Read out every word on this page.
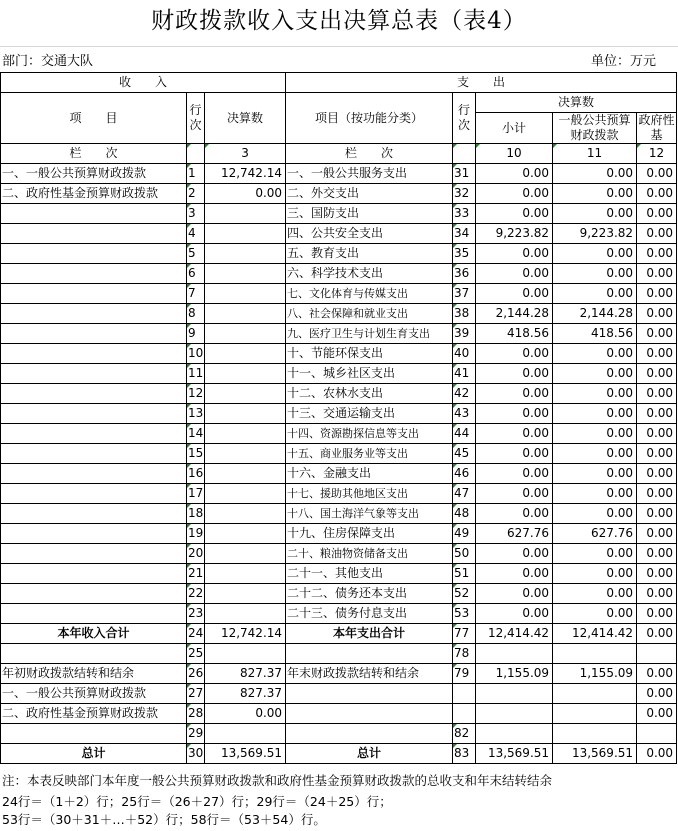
财政拨款收入支出决算总表（表4）
部门：交通大队	单位：万元
收　　入			支　　出				
项　　目	行次	决算数	项目（按功能分类）	行次	决算数		
					小计	一般公共预算财政拨款	政府性基

栏　　次		3	栏　　次		10	11	12
一、一般公共预算财政拨款	1	12,742.14	一、一般公共服务支出	31	0.00	0.00	0.00
二、政府性基金预算财政拨款	2	0.00	二、外交支出	32	0.00	0.00	0.00
	3		三、国防支出	33	0.00	0.00	0.00
	4		四、公共安全支出	34	9,223.82	9,223.82	0.00
	5		五、教育支出	35	0.00	0.00	0.00
	6		六、科学技术支出	36	0.00	0.00	0.00
	7		七、文化体育与传媒支出	37	0.00	0.00	0.00
	8		八、社会保障和就业支出	38	2,144.28	2,144.28	0.00
	9		九、医疗卫生与计划生育支出	39	418.56	418.56	0.00
	10		十、节能环保支出	40	0.00	0.00	0.00
	11		十一、城乡社区支出	41	0.00	0.00	0.00
	12		十二、农林水支出	42	0.00	0.00	0.00
	13		十三、交通运输支出	43	0.00	0.00	0.00
	14		十四、资源勘探信息等支出	44	0.00	0.00	0.00
	15		十五、商业服务业等支出	45	0.00	0.00	0.00
	16		十六、金融支出	46	0.00	0.00	0.00
	17		十七、援助其他地区支出	47	0.00	0.00	0.00
	18		十八、国土海洋气象等支出	48	0.00	0.00	0.00
	19		十九、住房保障支出	49	627.76	627.76	0.00
	20		二十、粮油物资储备支出	50	0.00	0.00	0.00
	21		二十一、其他支出	51	0.00	0.00	0.00
	22		二十二、债务还本支出	52	0.00	0.00	0.00
	23		二十三、债务付息支出	53	0.00	0.00	0.00
本年收入合计	24	12,742.14	本年支出合计	77	12,414.42	12,414.42	0.00
	25			78			
年初财政拨款结转和结余	26	827.37	年末财政拨款结转和结余	79	1,155.09	1,155.09	0.00
一、一般公共预算财政拨款	27	827.37					0.00
二、政府性基金预算财政拨款	28	0.00					0.00
	29			82			
总计	30	13,569.51	总计	83	13,569.51	13,569.51	0.00
注：本表反映部门本年度一般公共预算财政拨款和政府性基金预算财政拨款的总收支和年末结转结余
24行＝（1＋2）行；25行＝（26＋27）行；29行＝（24＋25）行；
53行＝（30＋31＋…＋52）行；58行＝（53＋54）行。
